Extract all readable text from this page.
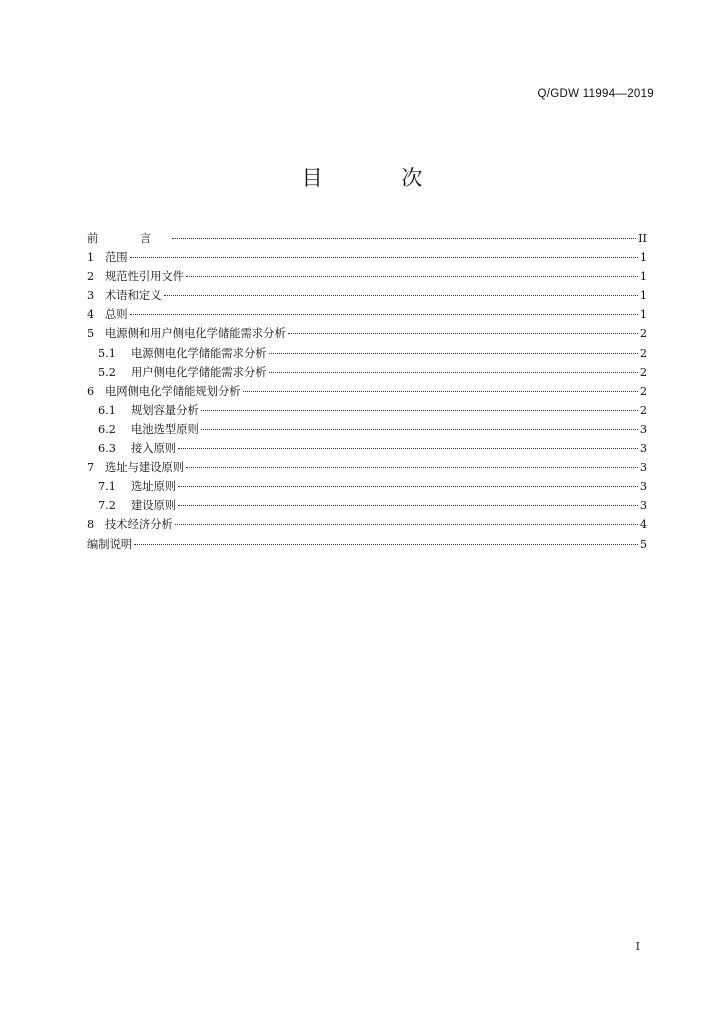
Q/GDW 11994—2019
目 次
前 言	II
1 范围	1
2 规范性引用文件	1
3 术语和定义	1
4 总则	1
5 电源侧和用户侧电化学储能需求分析	2
5.1	电源侧电化学储能需求分析	2
5.2	用户侧电化学储能需求分析	2
6 电网侧电化学储能规划分析	2
6.1	规划容量分析	2
6.2	电池选型原则	3
6.3	接入原则	3
7 选址与建设原则	3
7.1	选址原则	3
7.2	建设原则	3
8 技术经济分析	4
编制说明	5
I
